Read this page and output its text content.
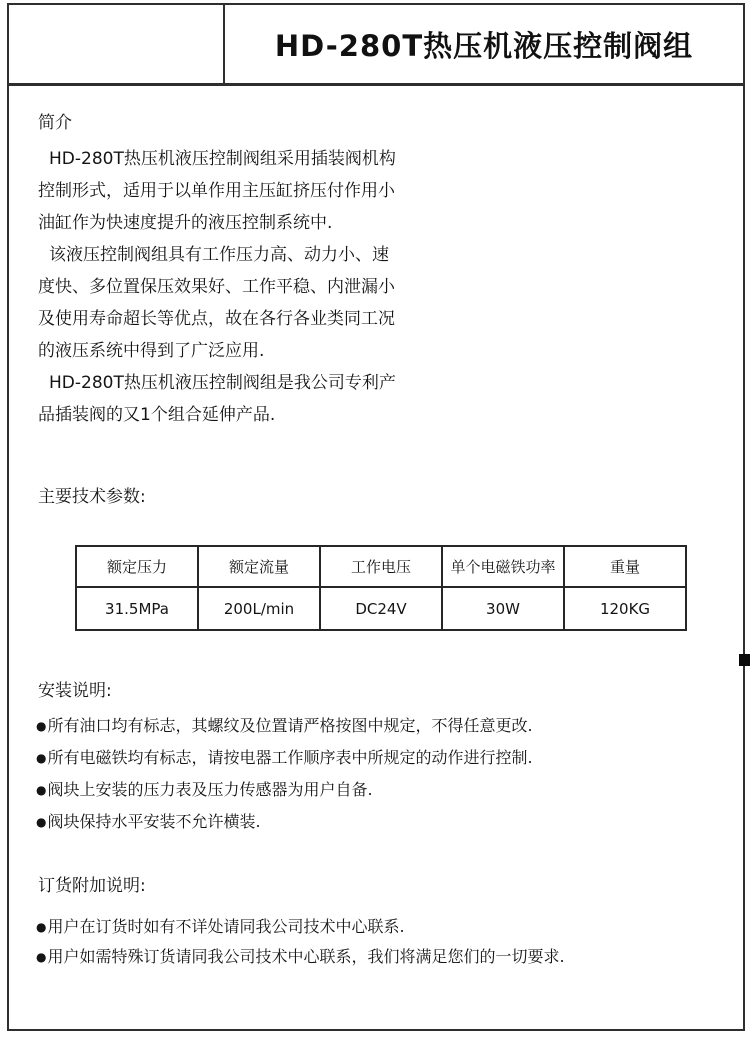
HD-280T热压机液压控制阀组
简介
HD-280T热压机液压控制阀组采用插装阀机构
控制形式，适用于以单作用主压缸挤压付作用小
油缸作为快速度提升的液压控制系统中.
该液压控制阀组具有工作压力高、动力小、速
度快、多位置保压效果好、工作平稳、内泄漏小
及使用寿命超长等优点，故在各行各业类同工况
的液压系统中得到了广泛应用.
HD-280T热压机液压控制阀组是我公司专利产
品插装阀的又1个组合延伸产品.
主要技术参数:
额定压力	额定流量	工作电压	单个电磁铁功率	重量
31.5MPa	200L/min	DC24V	30W	120KG
安装说明:
●所有油口均有标志，其螺纹及位置请严格按图中规定，不得任意更改.
●所有电磁铁均有标志，请按电器工作顺序表中所规定的动作进行控制.
●阀块上安装的压力表及压力传感器为用户自备.
●阀块保持水平安装不允许横装.
订货附加说明:
●用户在订货时如有不详处请同我公司技术中心联系.
●用户如需特殊订货请同我公司技术中心联系，我们将满足您们的一切要求.
